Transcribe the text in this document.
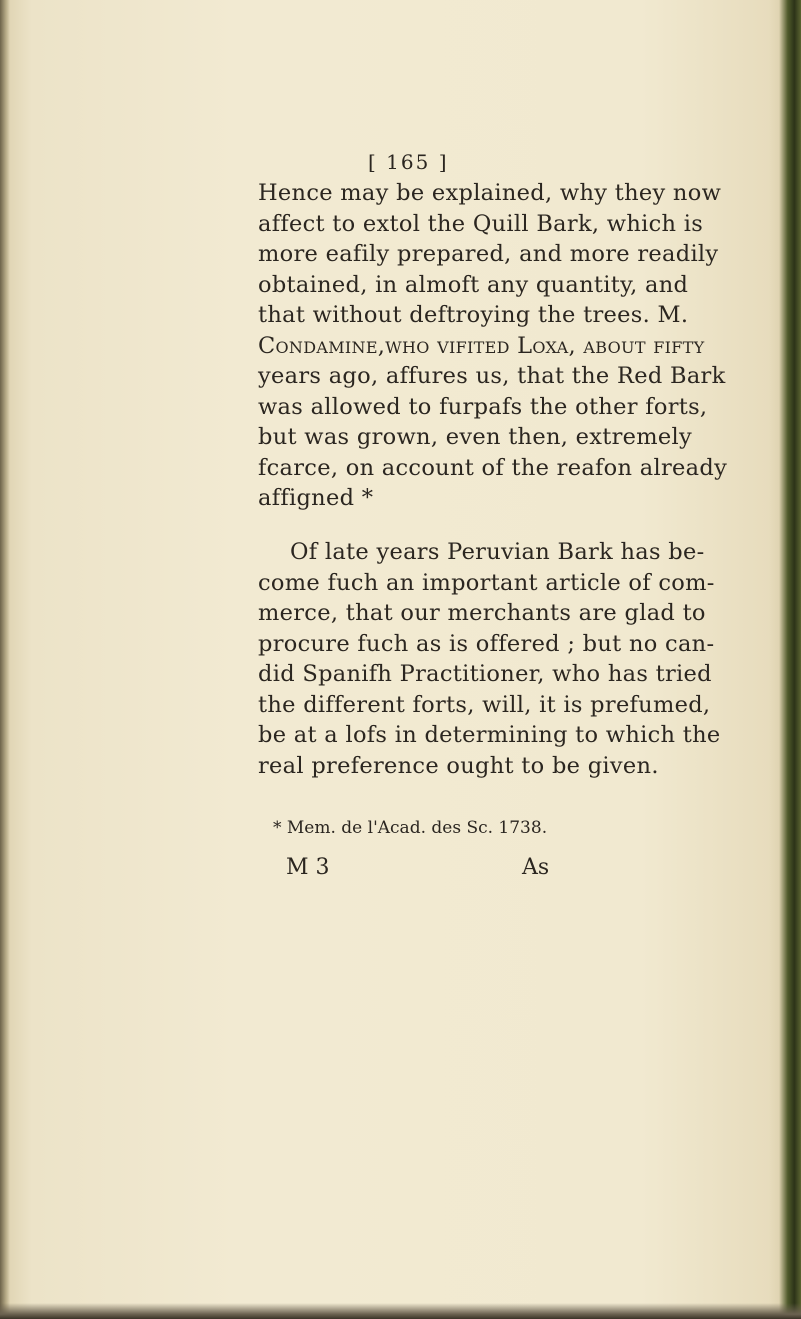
[ 165 ]
Hence may be explained, why they now
affect to extol the Quill Bark, which is
more eafily prepared, and more readily
obtained, in almoft any quantity, and
that without deftroying the trees. M.
Condamine,who vifited Loxa, about fifty
years ago, affures us, that the Red Bark
was allowed to furpafs the other forts,
but was grown, even then, extremely
fcarce, on account of the reafon already
affigned *
Of late years Peruvian Bark has be-
come fuch an important article of com-
merce, that our merchants are glad to
procure fuch as is offered ; but no can-
did Spanifh Practitioner, who has tried
the different forts, will, it is prefumed,
be at a lofs in determining to which the
real preference ought to be given.
* Mem. de l'Acad. des Sc. 1738.
M 3	As
